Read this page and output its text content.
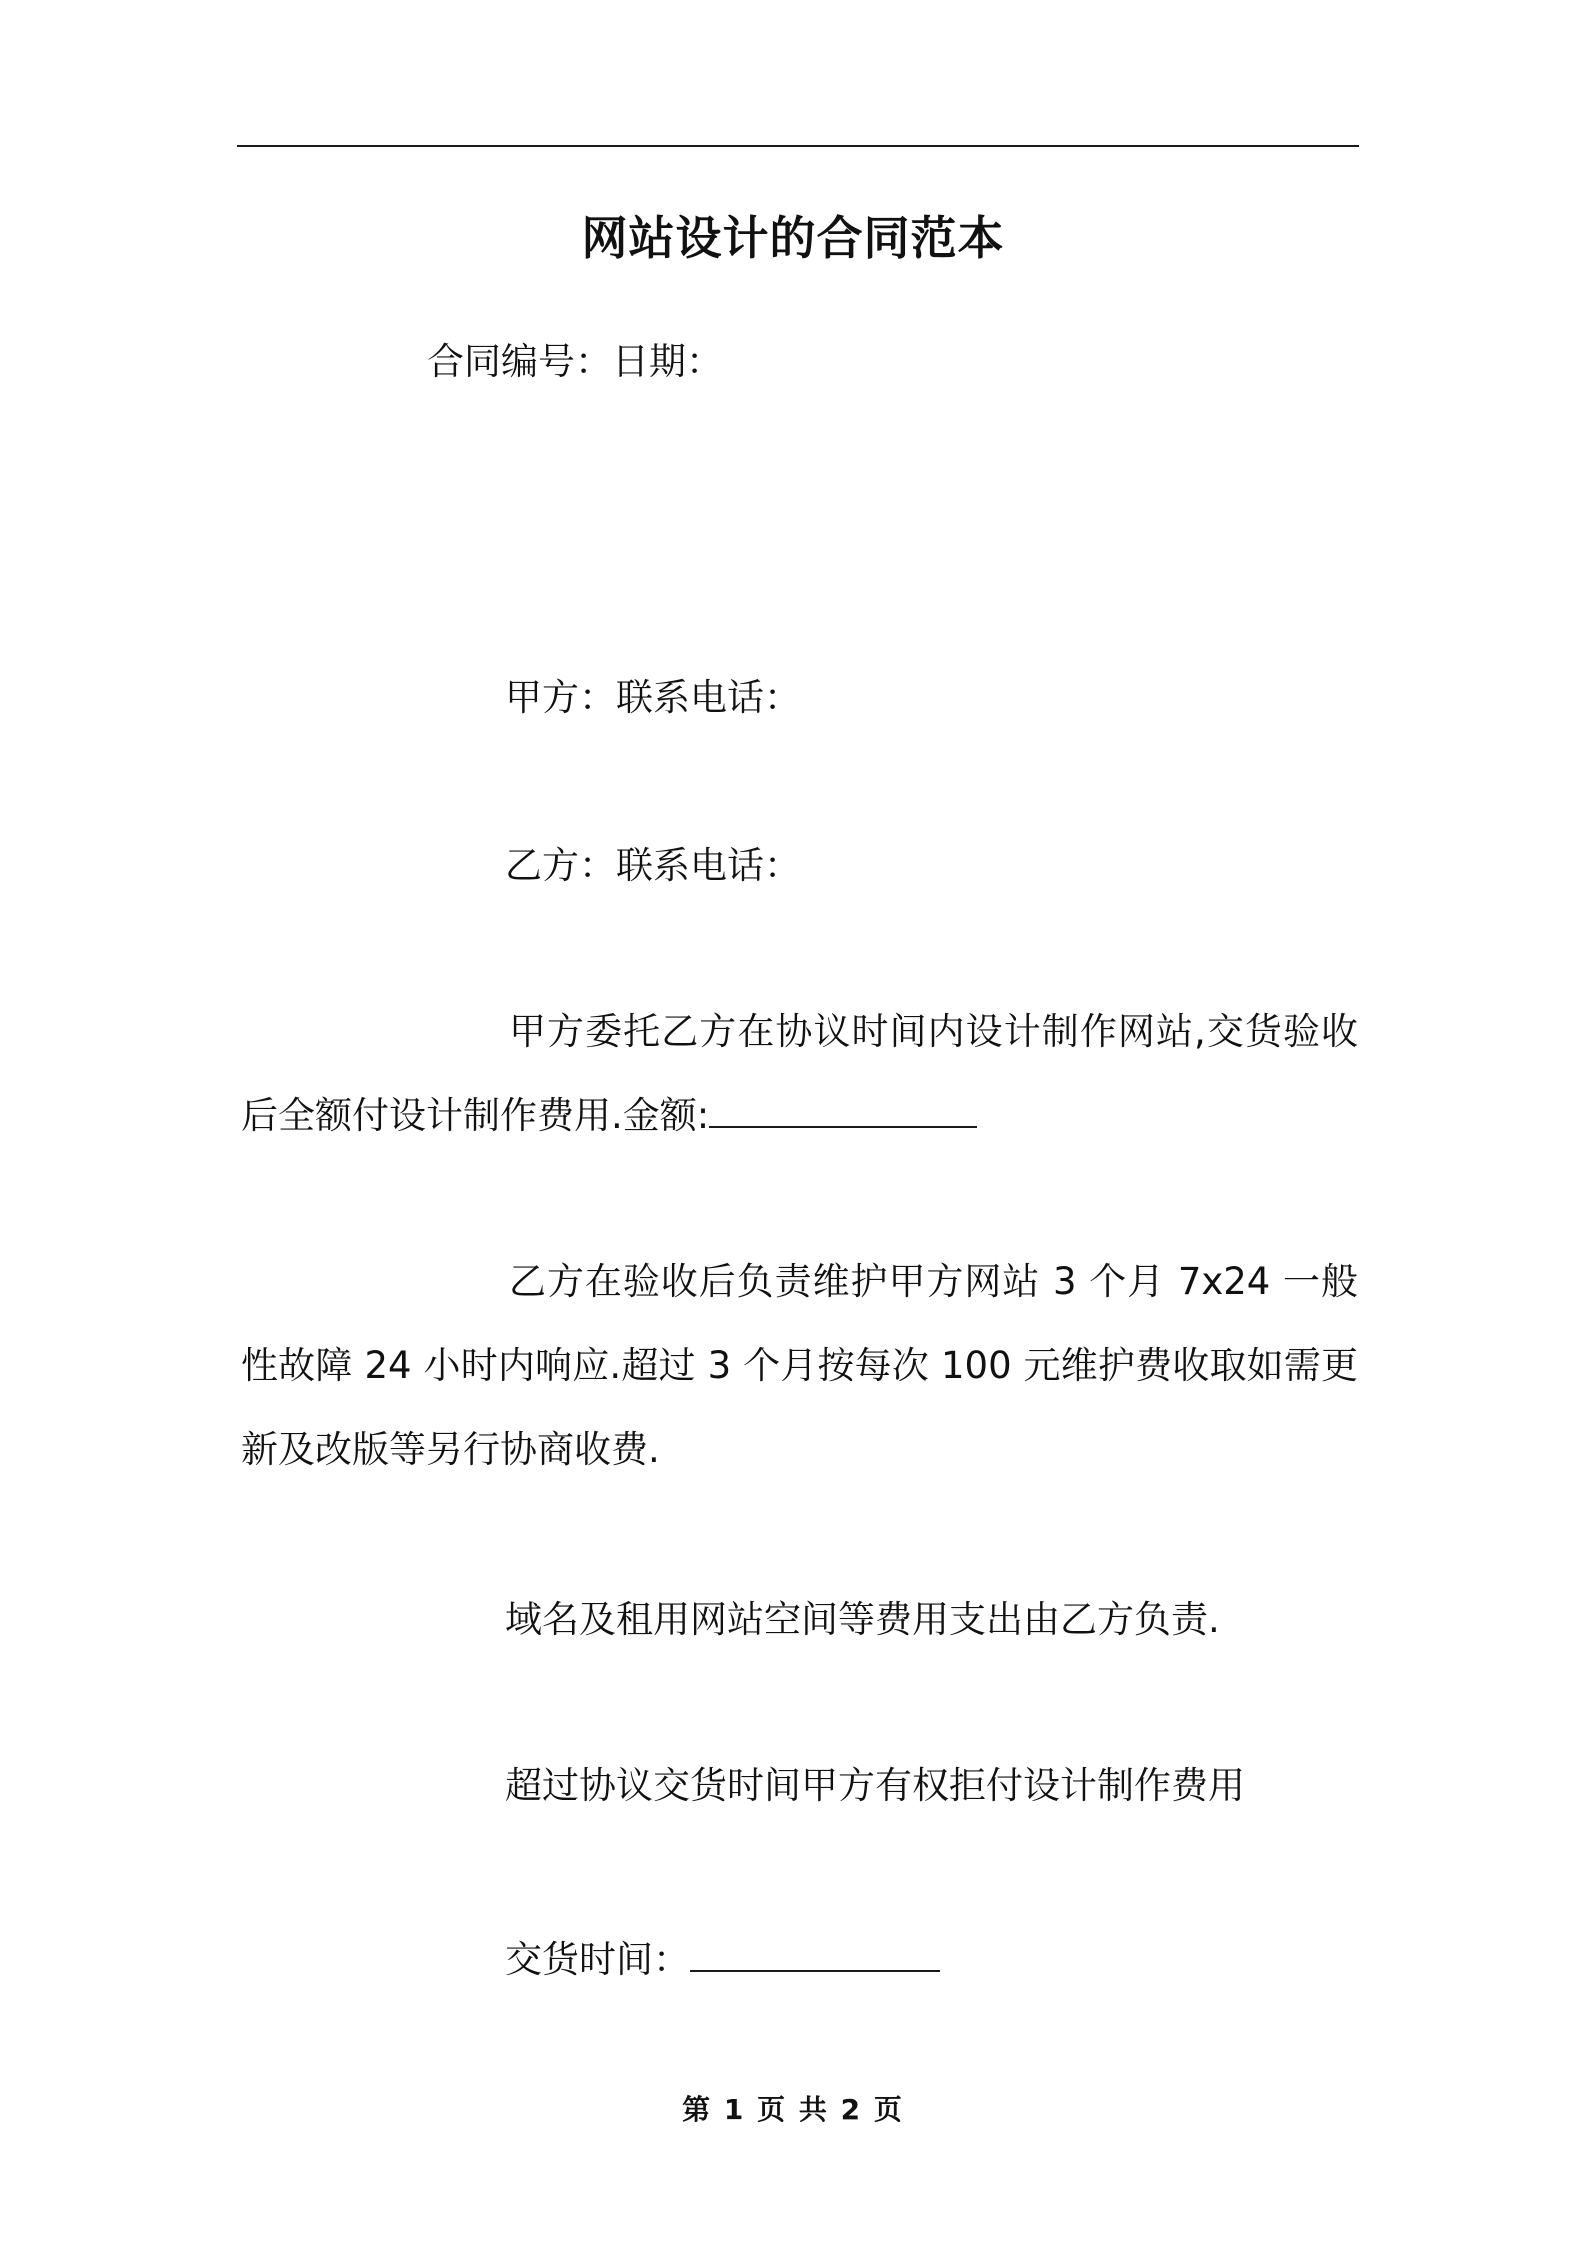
网站设计的合同范本
合同编号：日期：
甲方：联系电话：
乙方：联系电话：
甲方委托乙方在协议时间内设计制作网站,交货验收后全额付设计制作费用.金额:
乙方在验收后负责维护甲方网站 3 个月 7x24 一般性故障 24 小时内响应.超过 3 个月按每次 100 元维护费收取如需更新及改版等另行协商收费.
域名及租用网站空间等费用支出由乙方负责.
超过协议交货时间甲方有权拒付设计制作费用
交货时间：
第 1 页 共 2 页
